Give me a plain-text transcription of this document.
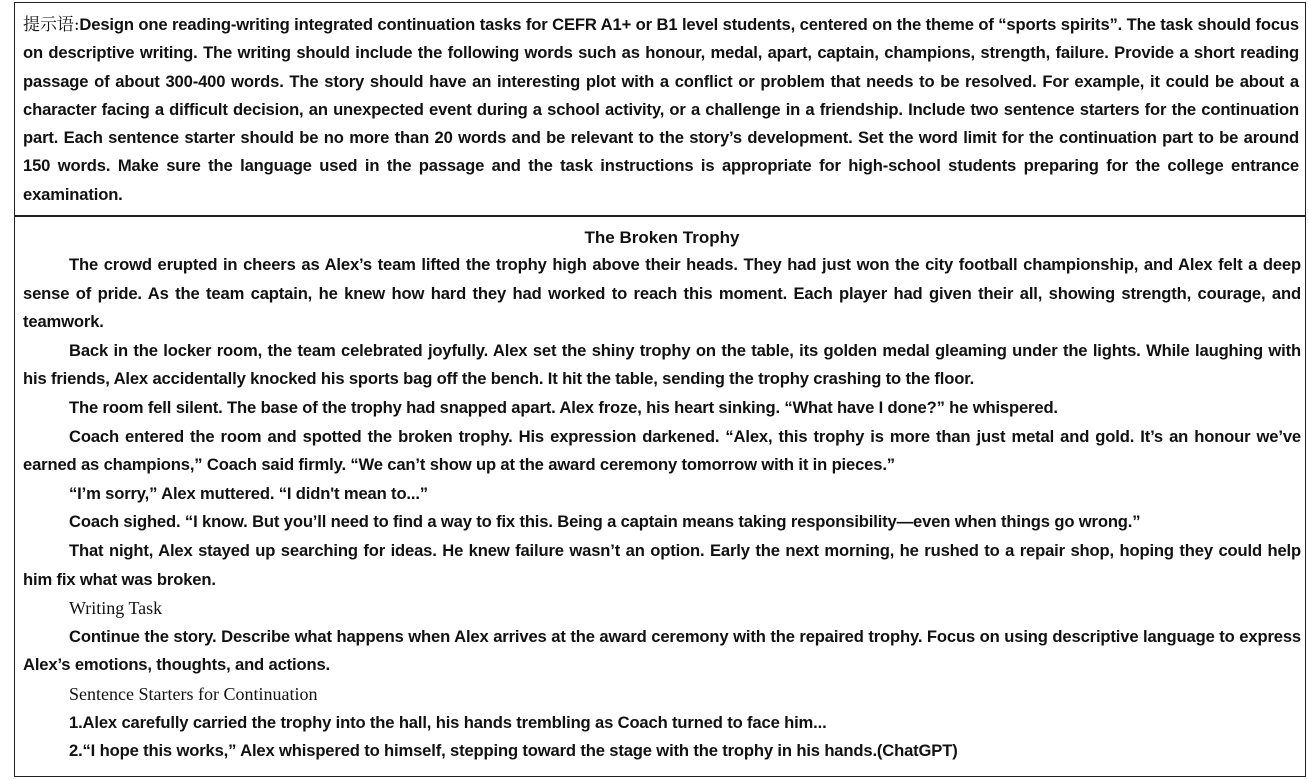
提示语:Design one reading-writing integrated continuation tasks for CEFR A1+ or B1 level students, centered on the theme of “sports spirits”. The task should focus on descriptive writing. The writing should include the following words such as honour, medal, apart, captain, champions, strength, failure. Provide a short reading passage of about 300-400 words. The story should have an interesting plot with a conflict or problem that needs to be resolved. For example, it could be about a character facing a difficult decision, an unexpected event during a school activity, or a challenge in a friendship. Include two sentence starters for the continuation part. Each sentence starter should be no more than 20 words and be relevant to the story’s development. Set the word limit for the continuation part to be around 150 words. Make sure the language used in the passage and the task instructions is appropriate for high-school students preparing for the college entrance examination.

The Broken Trophy

The crowd erupted in cheers as Alex’s team lifted the trophy high above their heads. They had just won the city football championship, and Alex felt a deep sense of pride. As the team captain, he knew how hard they had worked to reach this moment. Each player had given their all, showing strength, courage, and teamwork.

Back in the locker room, the team celebrated joyfully. Alex set the shiny trophy on the table, its golden medal gleaming under the lights. While laughing with his friends, Alex accidentally knocked his sports bag off the bench. It hit the table, sending the trophy crashing to the floor.

The room fell silent. The base of the trophy had snapped apart. Alex froze, his heart sinking. “What have I done?” he whispered.

Coach entered the room and spotted the broken trophy. His expression darkened. “Alex, this trophy is more than just metal and gold. It’s an honour we’ve earned as champions,” Coach said firmly. “We can’t show up at the award ceremony tomorrow with it in pieces.”

“I’m sorry,” Alex muttered. “I didn't mean to...”

Coach sighed. “I know. But you’ll need to find a way to fix this. Being a captain means taking responsibility—even when things go wrong.”

That night, Alex stayed up searching for ideas. He knew failure wasn’t an option. Early the next morning, he rushed to a repair shop, hoping they could help him fix what was broken.

Writing Task

Continue the story. Describe what happens when Alex arrives at the award ceremony with the repaired trophy. Focus on using descriptive language to express Alex’s emotions, thoughts, and actions.

Sentence Starters for Continuation

1.Alex carefully carried the trophy into the hall, his hands trembling as Coach turned to face him...

2.“I hope this works,” Alex whispered to himself, stepping toward the stage with the trophy in his hands.(ChatGPT)
